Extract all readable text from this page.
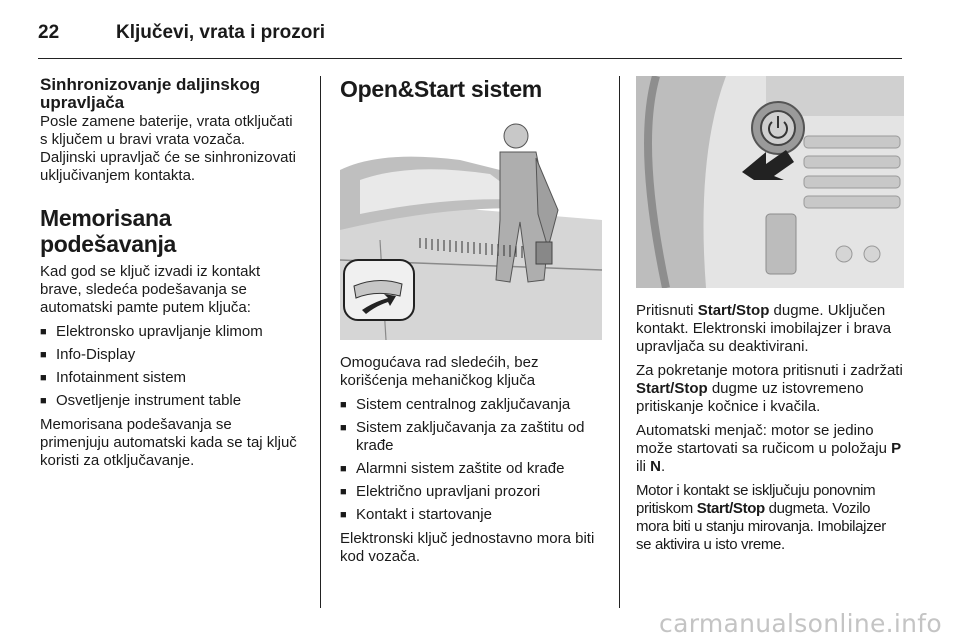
22	Ključevi, vrata i prozori
Sinhronizovanje daljinskog upravljača

Posle zamene baterije, vrata otključati s ključem u bravi vrata vozača. Daljinski upravljač će se sinhronizovati uključivanjem kontakta.

Memorisana podešavanja

Kad god se ključ izvadi iz kontakt brave, sledeća podešavanja se automatski pamte putem ključa:

■ Elektronsko upravljanje klimom
■ Info-Display
■ Infotainment sistem
■ Osvetljenje instrument table

Memorisana podešavanja se primenjuju automatski kada se taj ključ koristi za otključavanje.

Open&Start sistem

Omogućava rad sledećih, bez korišćenja mehaničkog ključa

■ Sistem centralnog zaključavanja
■ Sistem zaključavanja za zaštitu od krađe
■ Alarmni sistem zaštite od krađe
■ Električno upravljani prozori
■ Kontakt i startovanje

Elektronski ključ jednostavno mora biti kod vozača.

Pritisnuti Start/Stop dugme. Uključen kontakt. Elektronski imobilajzer i brava upravljača su deaktivirani.

Za pokretanje motora pritisnuti i zadržati Start/Stop dugme uz istovremeno pritiskanje kočnice i kvačila.

Automatski menjač: motor se jedino može startovati sa ručicom u položaju P ili N.

Motor i kontakt se isključuju ponovnim pritiskom Start/Stop dugmeta. Vozilo mora biti u stanju mirovanja. Imobilajzer se aktivira u isto vreme.

carmanualsonline.info
